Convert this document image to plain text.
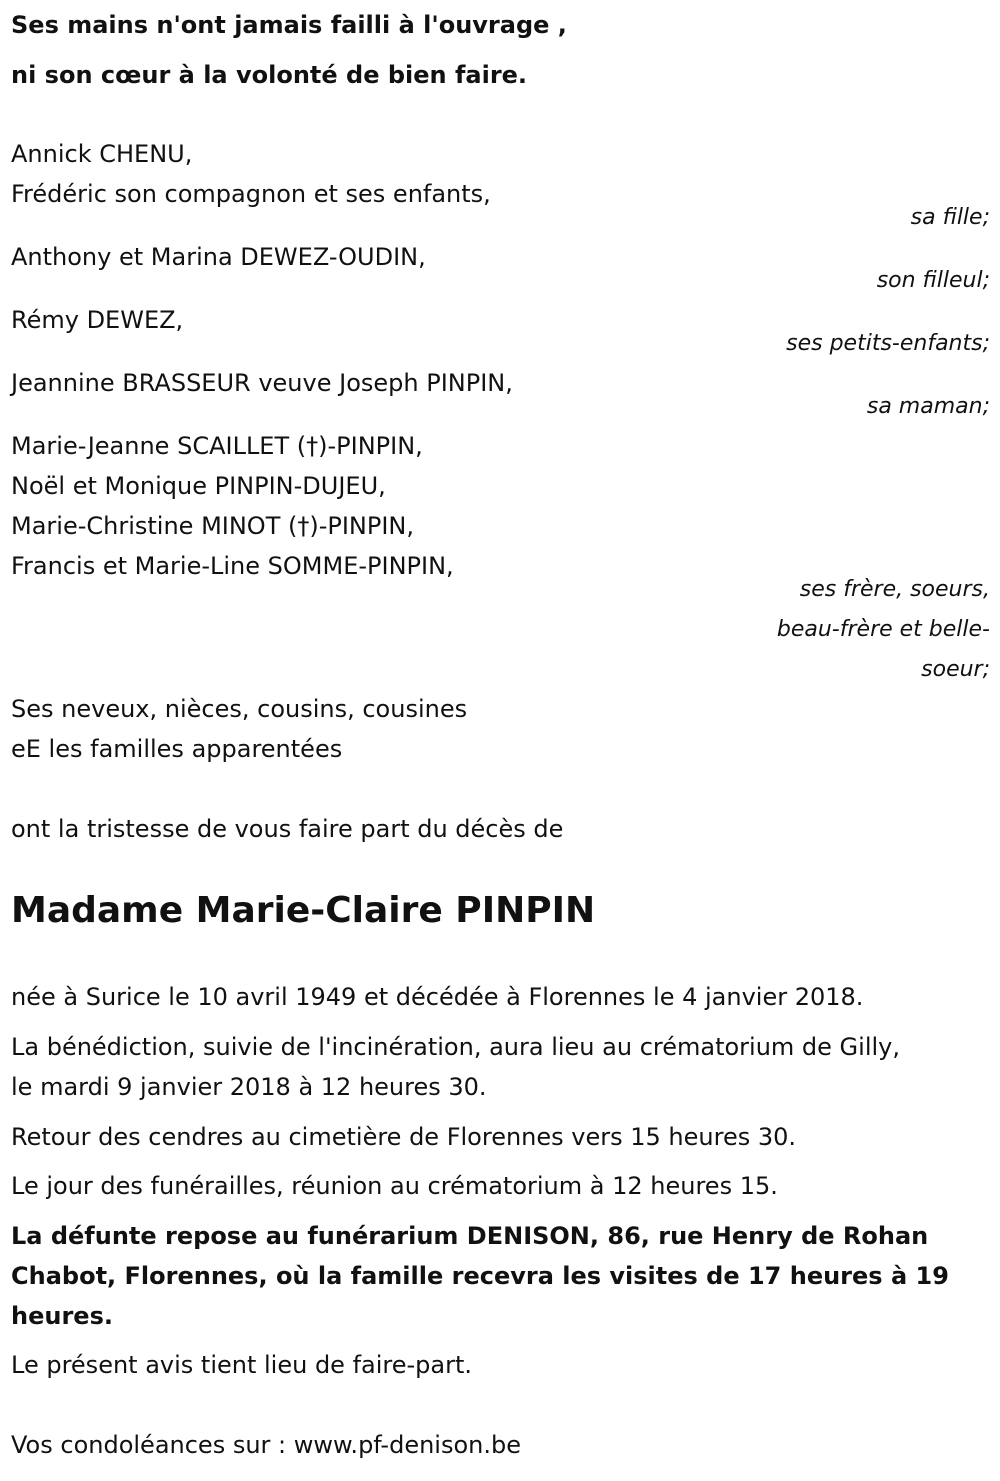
Ses mains n'ont jamais failli à l'ouvrage ,
ni son cœur à la volonté de bien faire.
Annick CHENU,
Frédéric son compagnon et ses enfants,
sa fille;
Anthony et Marina DEWEZ-OUDIN,
son filleul;
Rémy DEWEZ,
ses petits-enfants;
Jeannine BRASSEUR veuve Joseph PINPIN,
sa maman;
Marie-Jeanne SCAILLET (†)-PINPIN,
Noël et Monique PINPIN-DUJEU,
Marie-Christine MINOT (†)-PINPIN,
Francis et Marie-Line SOMME-PINPIN,
ses frère, soeurs,
beau-frère et belle-
soeur;
Ses neveux, nièces, cousins, cousines
eE les familles apparentées
ont la tristesse de vous faire part du décès de
Madame Marie-Claire PINPIN
née à Surice le 10 avril 1949 et décédée à Florennes le 4 janvier 2018.
La bénédiction, suivie de l'incinération, aura lieu au crématorium de Gilly,
le mardi 9 janvier 2018 à 12 heures 30.
Retour des cendres au cimetière de Florennes vers 15 heures 30.
Le jour des funérailles, réunion au crématorium à 12 heures 15.
La défunte repose au funérarium DENISON, 86, rue Henry de Rohan
Chabot, Florennes, où la famille recevra les visites de 17 heures à 19
heures.
Le présent avis tient lieu de faire-part.
Vos condoléances sur : www.pf-denison.be
